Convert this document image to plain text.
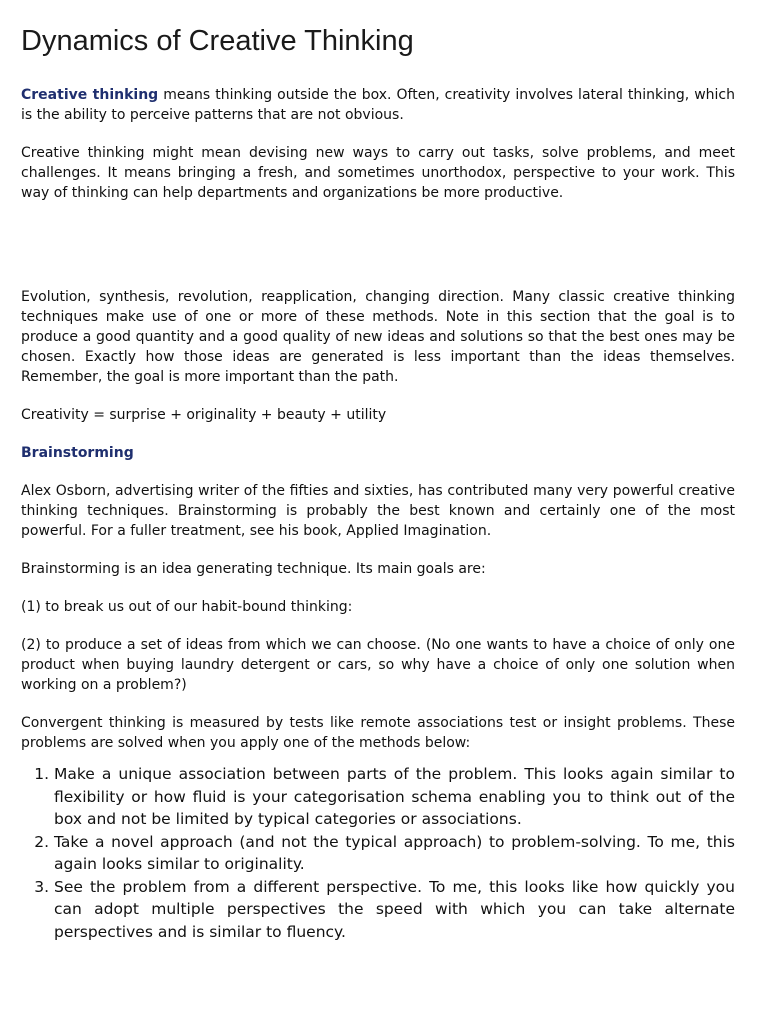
Dynamics of Creative Thinking

Creative thinking means thinking outside the box. Often, creativity involves lateral thinking, which is the ability to perceive patterns that are not obvious.

Creative thinking might mean devising new ways to carry out tasks, solve problems, and meet challenges. It means bringing a fresh, and sometimes unorthodox, perspective to your work. This way of thinking can help departments and organizations be more productive.

Evolution, synthesis, revolution, reapplication, changing direction. Many classic creative thinking techniques make use of one or more of these methods. Note in this section that the goal is to produce a good quantity and a good quality of new ideas and solutions so that the best ones may be chosen. Exactly how those ideas are generated is less important than the ideas themselves. Remember, the goal is more important than the path.

Creativity = surprise + originality + beauty + utility

Brainstorming

Alex Osborn, advertising writer of the fifties and sixties, has contributed many very powerful creative thinking techniques. Brainstorming is probably the best known and certainly one of the most powerful. For a fuller treatment, see his book, Applied Imagination.

Brainstorming is an idea generating technique. Its main goals are:

(1) to break us out of our habit-bound thinking:

(2) to produce a set of ideas from which we can choose. (No one wants to have a choice of only one product when buying laundry detergent or cars, so why have a choice of only one solution when working on a problem?)

Convergent thinking is measured by tests like remote associations test or insight problems. These problems are solved when you apply one of the methods below:

1. Make a unique association between parts of the problem. This looks again similar to flexibility or how fluid is your categorisation schema enabling you to think out of the box and not be limited by typical categories or associations.
2. Take a novel approach (and not the typical approach) to problem-solving. To me, this again looks similar to originality.
3. See the problem from a different perspective. To me, this looks like how quickly you can adopt multiple perspectives the speed with which you can take alternate perspectives and is similar to fluency.
